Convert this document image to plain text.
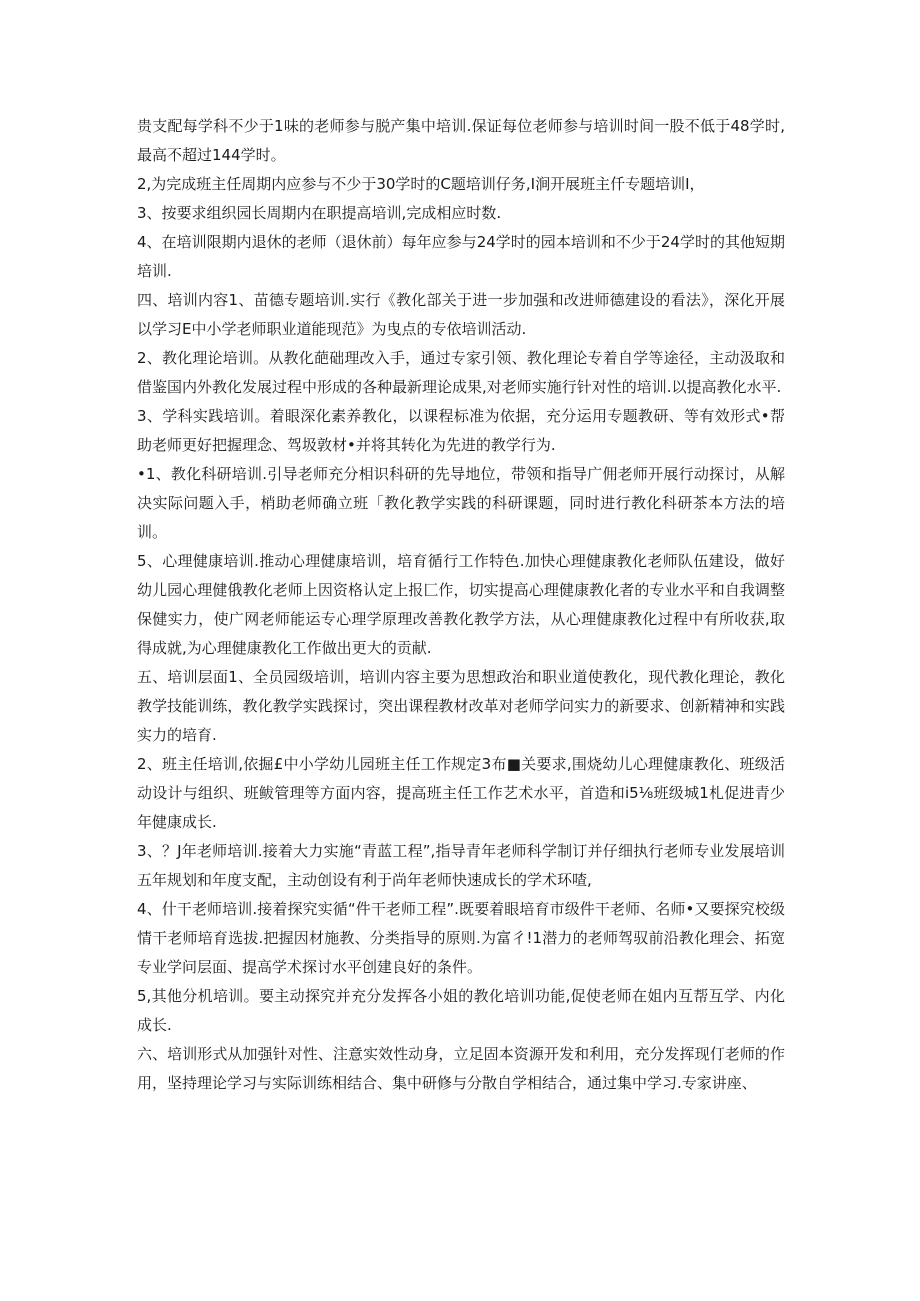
贵支配每学科不少于1味的老师参与脱产集中培训.保证每位老师参与培训时间一股不低于48学时,最高不超过144学时。

2,为完成班主任周期内应参与不少于30学时的C题培训仔务,I涧开展班主仟专题培训I，

3、按要求组织园长周期内在职提高培训,完成相应时数.

4、在培训限期内退休的老师（退休前）每年应参与24学时的园本培训和不少于24学时的其他短期培训.

四、培训内容1、苗德专题培训.实行《教化部关于进一步加强和改进师德建设的看法》，深化开展以学习E中小学老师职业道能现范》为曳点的专依培训活动.

2、教化理论培训。从教化葩础理改入手，通过专家引领、教化理论专着自学等途径，主动汲取和借鉴国内外教化发展过程中形成的各种最新理论成果,对老师实施行针对性的培训.以提高教化水平.

3、学科实践培训。着眼深化素养教化，以课程标准为依据，充分运用专题教研、等有效形式•帮助老师更好把握理念、驾圾敦材•并将其转化为先进的教学行为.

•1、教化科研培训.引导老师充分相识科研的先导地位，带领和指导广佣老师开展行动探讨，从解决实际问题入手，梢助老师确立班「教化教学实践的科研课题，同时进行教化科研茶本方法的培训。

5、心理健康培训.推动心理健康培训，培育循行工作特色.加快心理健康教化老师队伍建设，做好幼儿园心理健俄教化老师上因资格认定上报匚作，切实提高心理健康教化者的专业水平和自我调整保健实力，使广网老师能运专心理学原理改善教化教学方法，从心理健康教化过程中有所收获,取得成就,为心理健康教化工作做出更大的贡献.

五、培训层面1、全员园级培训，培训内容主要为思想政治和职业道使教化，现代教化理论，教化教学技能训练，教化教学实践探讨，突出课程教材改革对老师学问实力的新要求、创新精神和实践实力的培育.

2、班主任培训,依掘£中小学幼儿园班主任工作规定3布■关要求,围烧幼儿心理健康教化、班级活动设计与组织、班鲅管理等方面内容，提高班主任工作艺术水平，首造和i5⅛班级城1札促进青少年健康成长.

3、？J年老师培训.接着大力实施“青蓝工程”,指导青年老师科学制订并仔细执行老师专业发展培训五年规划和年度支配，主动创设有利于尚年老师快速成长的学术环喳,

4、什干老师培训.接着探究实循“件干老师工程”.既要着眼培育市级件干老师、名师•又要探究校级情干老师培育选拔.把握因材施教、分类指导的原则.为富彳!1潜力的老师驾驭前沿教化理会、拓宽专业学问层面、提高学术探讨水平创建良好的条件。

5,其他分机培训。要主动探究并充分发挥各小姐的教化培训功能,促使老师在姐内互帮互学、内化成长.

六、培训形式从加强针对性、注意实效性动身，立足固本资源开发和利用，充分发挥现仃老师的作用，坚持理论学习与实际训练相结合、集中研修与分散自学相结合，通过集中学习.专家讲座、
